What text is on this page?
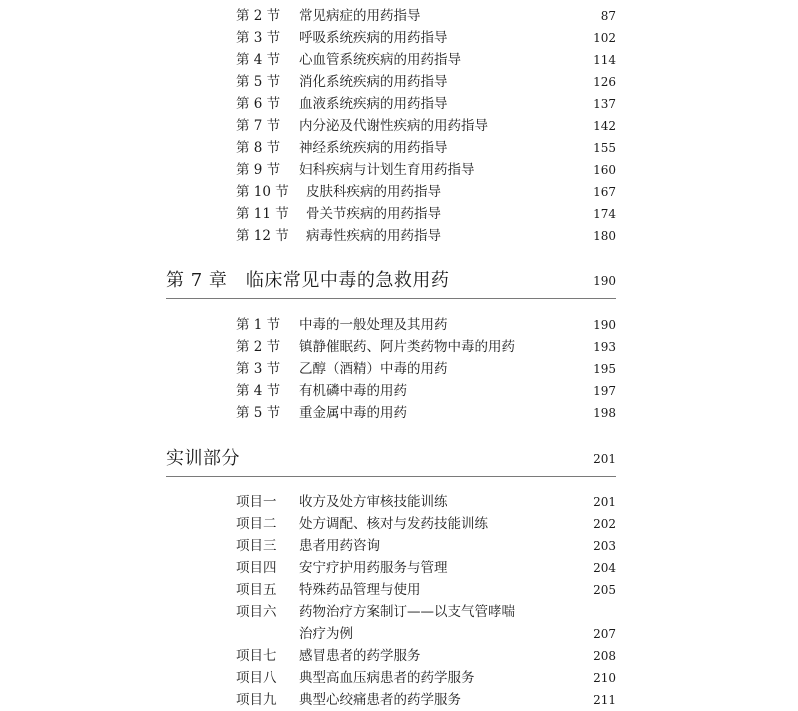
第 2 节 常见病症的用药指导	87
第 3 节 呼吸系统疾病的用药指导	102
第 4 节 心血管系统疾病的用药指导	114
第 5 节 消化系统疾病的用药指导	126
第 6 节 血液系统疾病的用药指导	137
第 7 节 内分泌及代谢性疾病的用药指导	142
第 8 节 神经系统疾病的用药指导	155
第 9 节 妇科疾病与计划生育用药指导	160
第 10 节 皮肤科疾病的用药指导	167
第 11 节 骨关节疾病的用药指导	174
第 12 节 病毒性疾病的用药指导	180
第 7 章　临床常见中毒的急救用药	190
第 1 节 中毒的一般处理及其用药	190
第 2 节 镇静催眠药、阿片类药物中毒的用药	193
第 3 节 乙醇（酒精）中毒的用药	195
第 4 节 有机磷中毒的用药	197
第 5 节 重金属中毒的用药	198
实训部分	201
项目一 收方及处方审核技能训练	201
项目二 处方调配、核对与发药技能训练	202
项目三 患者用药咨询	203
项目四 安宁疗护用药服务与管理	204
项目五 特殊药品管理与使用	205
项目六 药物治疗方案制订——以支气管哮喘
治疗为例	207
项目七 感冒患者的药学服务	208
项目八 典型高血压病患者的药学服务	210
项目九 典型心绞痛患者的药学服务	211
